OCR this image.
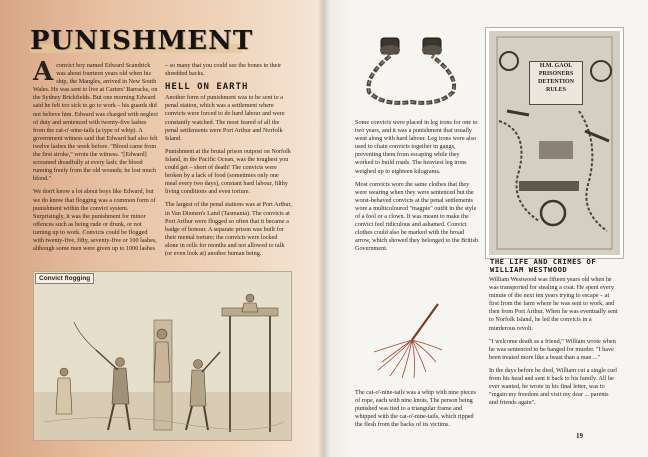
PUNISHMENT

Aconvict boy named Edward Scandrick was about fourteen years old when his ship, the Mangles, arrived in New South Wales. He was sent to live at Carters' Barracks, on the Sydney Brickfields. But one morning Edward said he felt too sick to go to work – his guards did not believe him. Edward was charged with neglect of duty and sentenced with twenty-five lashes from the cat-o'-nine-tails (a type of whip). A government witness said that Edward had also felt twelve lashes the week before. "Blood came from the first stroke," wrote the witness. "[Edward] screamed dreadfully at every lash; the blood running freely from the old wounds; he lost much blood."

We don't know a lot about boys like Edward, but we do know that flogging was a common form of punishment within the convict system. Surprisingly, it was the punishment for minor offences such as being rude or drunk, or not turning up to work. Convicts could be flogged with twenty-five, fifty, seventy-five or 100 lashes, although some men were given up to 1000 lashes

– so many that you could see the bones in their shredded backs.

HELL ON EARTH

Another form of punishment was to be sent to a penal station, which was a settlement where convicts were forced to do hard labour and were constantly watched. The most feared of all the penal settlements were Port Arthur and Norfolk Island.

Punishment at the brutal prison outpost on Norfolk Island, in the Pacific Ocean, was the toughest you could get – short of death! The convicts were broken by a lack of food (sometimes only one meal every two days), constant hard labour, filthy living conditions and even torture.

The largest of the penal stations was at Port Arthur, in Van Diemen's Land (Tasmania). The convicts at Port Arthur were flogged so often that it became a badge of honour. A separate prison was built for their mental torture; the convicts were locked alone in cells for months and not allowed to talk (or even look at) another human being.

Convict flogging

Some convicts were placed in leg irons for one to two years, and it was a punishment that usually went along with hard labour. Leg irons were also used to chain convicts together in gangs, preventing them from escaping while they worked to build roads. The heaviest leg irons weighed up to eighteen kilograms.

Most convicts wore the same clothes that they were wearing when they were sentenced but the worst-behaved convicts at the penal settlements wore a multicoloured "magpie" outfit in the style of a fool or a clown. It was meant to make the convict feel ridiculous and ashamed. Convict clothes could also be marked with the broad arrow, which showed they belonged to the British Government.

The cat-o'-nine-tails was a whip with nine pieces of rope, each with nine knots. The person being punished was tied to a triangular frame and whipped with the cat-o'-nine-tails, which ripped the flesh from the backs of its victims.

H.M. GAOL
PRISONERS
DETENTION
RULES
THE LIFE AND CRIMES OF WILLIAM WESTWOOD

William Westwood was fifteen years old when he was transported for stealing a coat. He spent every minute of the next ten years trying to escape – at first from the farm where he was sent to work, and then from Port Arthur. When he was eventually sent to Norfolk Island, he led the convicts in a murderous revolt.

"I welcome death as a friend," William wrote when he was sentenced to be hanged for murder. "I have been treated more like a beast than a man ..."

In the days before he died, William cut a single curl from his head and sent it back to his family. All he ever wanted, he wrote in his final letter, was to "regain my freedom and visit my dear ... parents and friends again".

19
